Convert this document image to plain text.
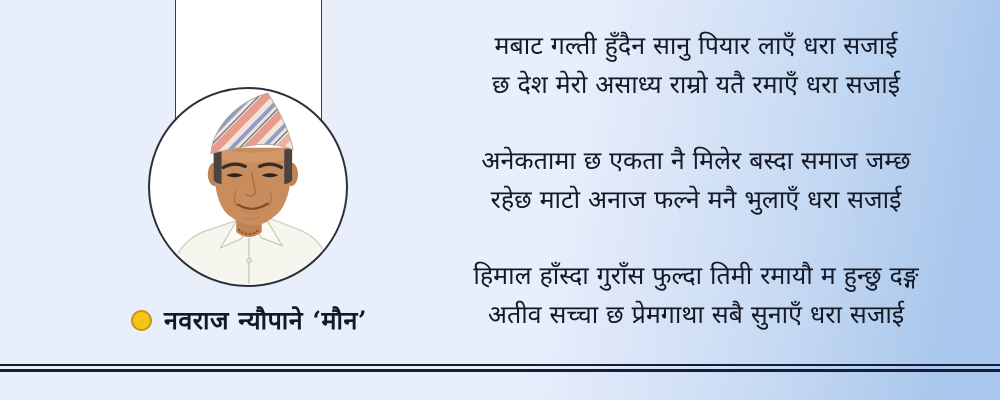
नवराज न्यौपाने ‘मौन’
मबाट गल्ती हुँदैन सानु पियार लाएँ धरा सजाई
छ देश मेरो असाध्य राम्रो यतै रमाएँ धरा सजाई
अनेकतामा छ एकता नै मिलेर बस्दा समाज जम्छ
रहेछ माटो अनाज फल्ने मनै भुलाएँ धरा सजाई
हिमाल हाँस्दा गुराँस फुल्दा तिमी रमायौ म हुन्छु दङ्ग
अतीव सच्चा छ प्रेमगाथा सबै सुनाएँ धरा सजाई
